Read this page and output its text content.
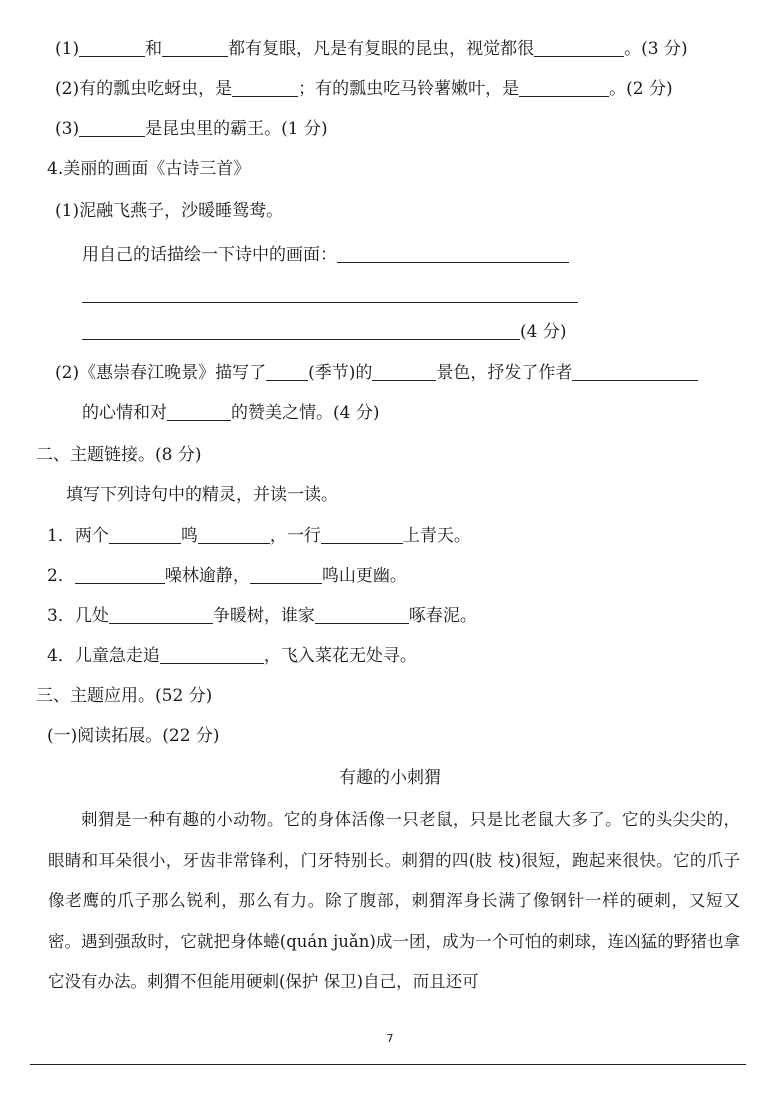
(1)	和	都有复眼，凡是有复眼的昆虫，视觉都很	。(3 分)
(2)有的瓢虫吃蚜虫，是	；有的瓢虫吃马铃薯嫩叶，是	。(2 分)
(3)	是昆虫里的霸王。(1 分)
4.美丽的画面《古诗三首》
(1)泥融飞燕子，沙暖睡鸳鸯。
用自己的话描绘一下诗中的画面：
(4 分)
(2)《惠崇春江晚景》描写了 (季节)的	景色，抒发了作者
的心情和对	的赞美之情。(4 分)
二、主题链接。(8 分)
填写下列诗句中的精灵，并读一读。
1．两个	鸣	，一行	上青天。
2．	噪林逾静，	鸣山更幽。
3．几处	争暖树，谁家	啄春泥。
4．儿童急走追	，飞入菜花无处寻。
三、主题应用。(52 分)
(一)阅读拓展。(22 分)
有趣的小刺猬
刺猬是一种有趣的小动物。它的身体活像一只老鼠，只是比老鼠大多了。它的头尖尖的，眼睛和耳朵很小，牙齿非常锋利，门牙特别长。刺猬的四(肢 枝)很短，跑起来很快。它的爪子像老鹰的爪子那么锐利，那么有力。除了腹部，刺猬浑身长满了像钢针一样的硬刺，又短又密。遇到强敌时，它就把身体蜷(quán juǎn)成一团，成为一个可怕的刺球，连凶猛的野猪也拿它没有办法。刺猬不但能用硬刺(保护 保卫)自己，而且还可
7
